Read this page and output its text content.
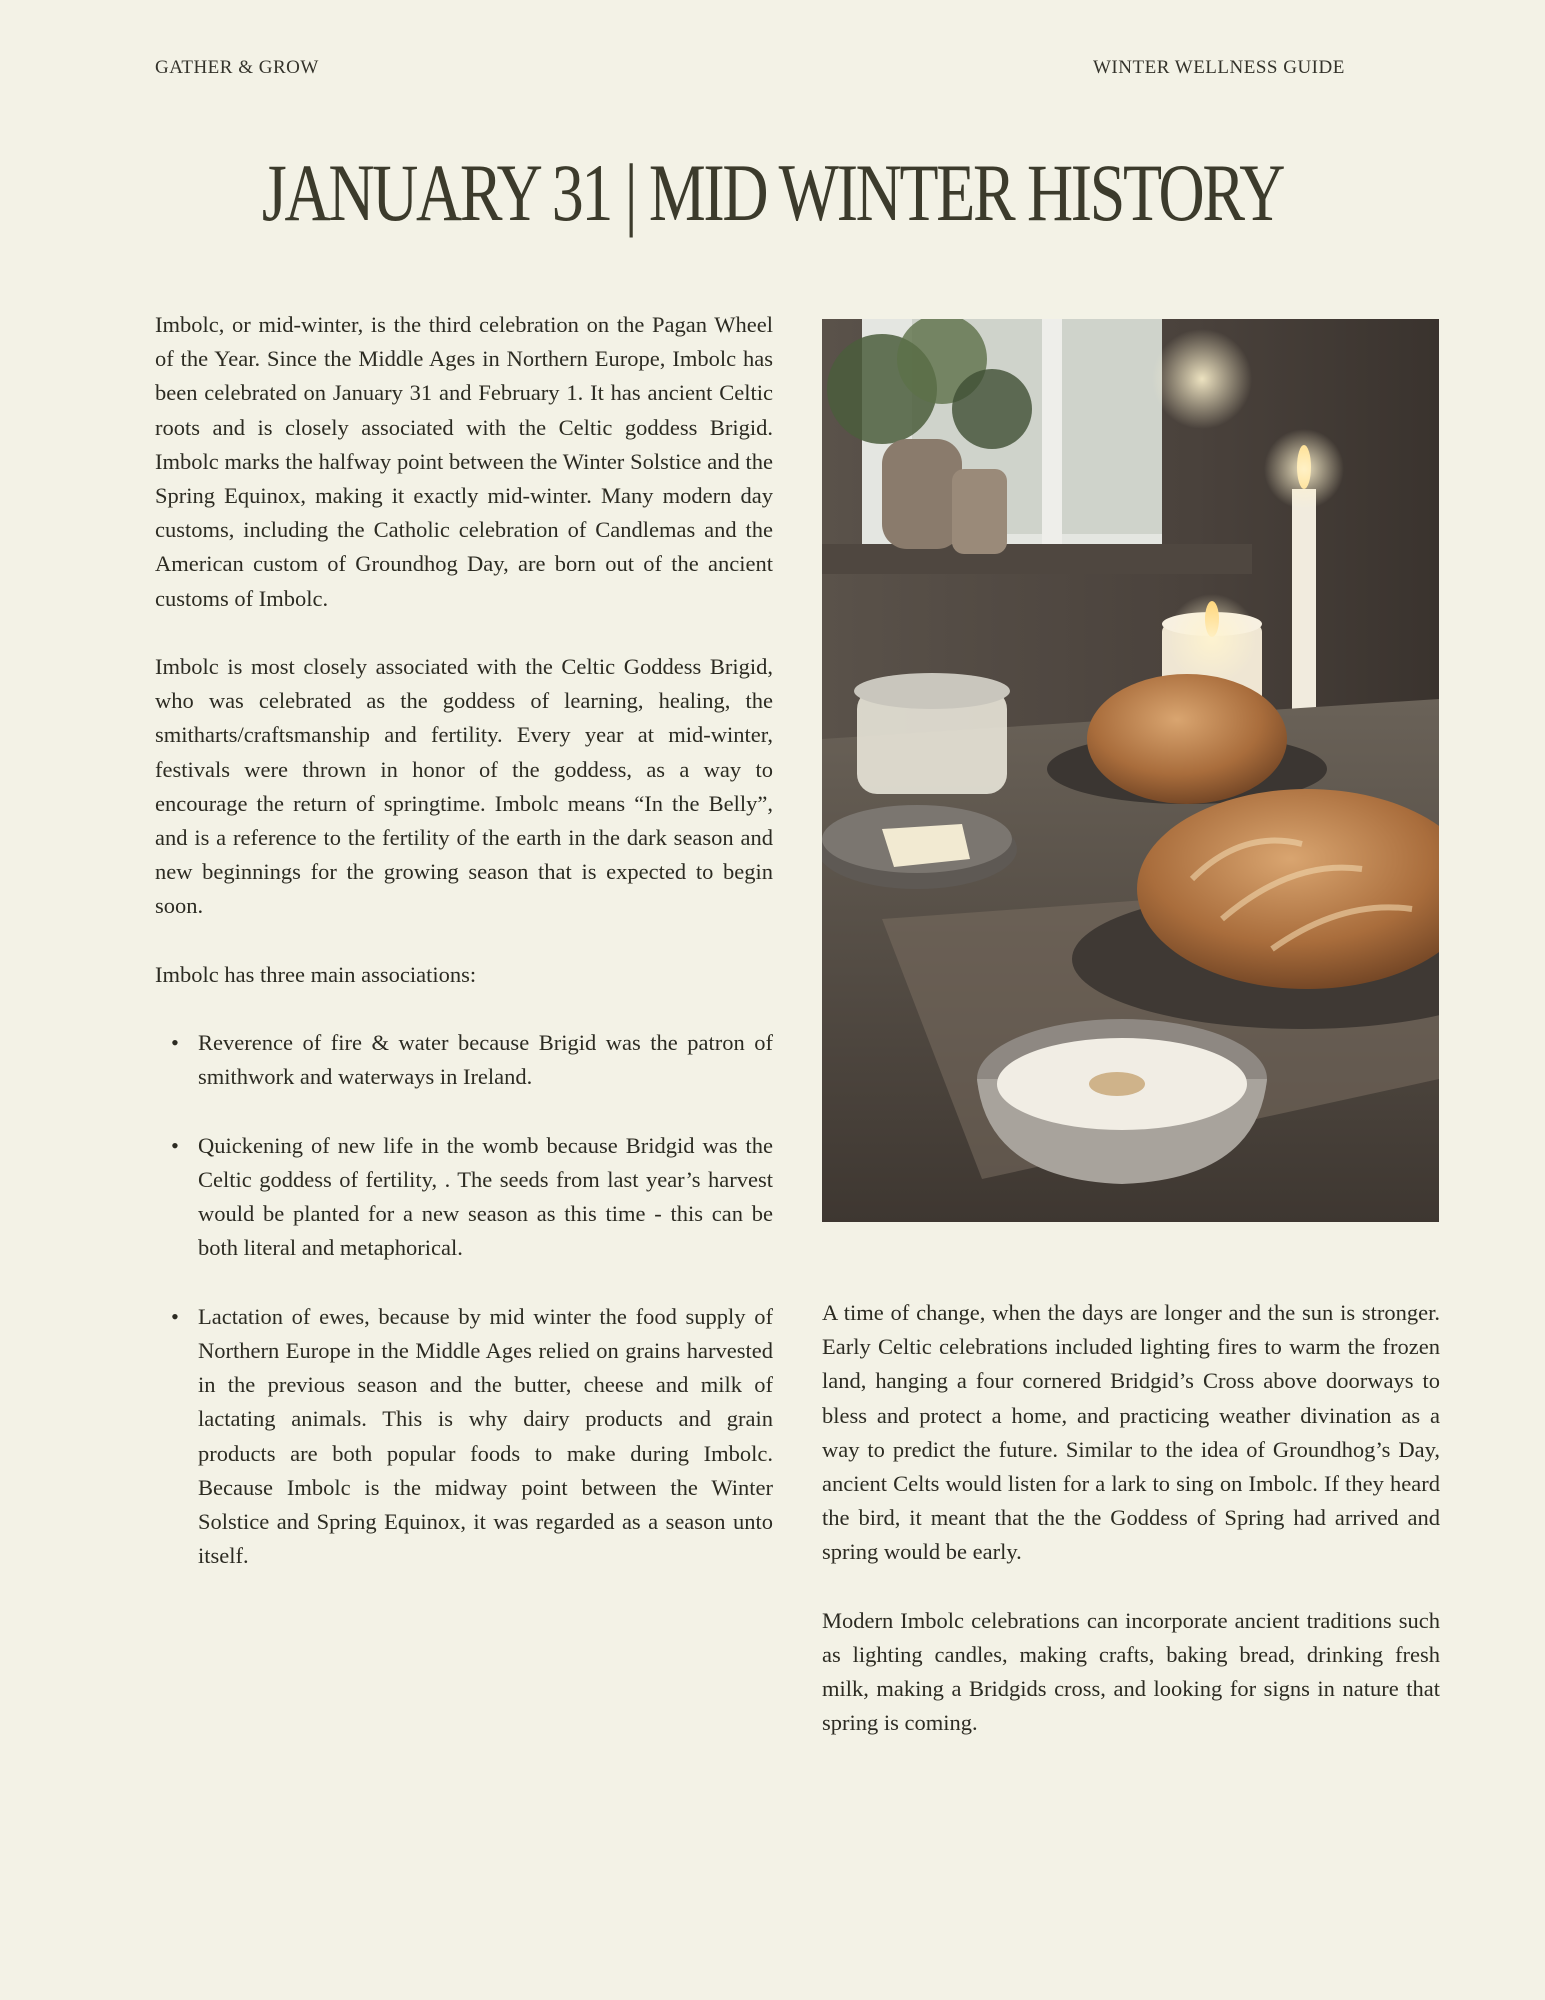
GATHER & GROW	WINTER WELLNESS GUIDE
JANUARY 31 | MID WINTER HISTORY

Imbolc, or mid-winter, is the third celebration on the Pagan Wheel of the Year. Since the Middle Ages in Northern Europe, Imbolc has been celebrated on January 31 and February 1. It has ancient Celtic roots and is closely associated with the Celtic goddess Brigid. Imbolc marks the halfway point between the Winter Solstice and the Spring Equinox, making it exactly mid-winter. Many modern day customs, including the Catholic celebration of Candlemas and the American custom of Groundhog Day, are born out of the ancient customs of Imbolc.

Imbolc is most closely associated with the Celtic Goddess Brigid, who was celebrated as the goddess of learning, healing, the smitharts/craftsmanship and fertility. Every year at mid-winter, festivals were thrown in honor of the goddess, as a way to encourage the return of springtime. Imbolc means “In the Belly”, and is a reference to the fertility of the earth in the dark season and new beginnings for the growing season that is expected to begin soon.

Imbolc has three main associations:

• Reverence of fire & water because Brigid was the patron of smithwork and waterways in Ireland.
• Quickening of new life in the womb because Bridgid was the Celtic goddess of fertility, . The seeds from last year’s harvest would be planted for a new season as this time - this can be both literal and metaphorical.
• Lactation of ewes, because by mid winter the food supply of Northern Europe in the Middle Ages relied on grains harvested in the previous season and the butter, cheese and milk of lactating animals. This is why dairy products and grain products are both popular foods to make during Imbolc. Because Imbolc is the midway point between the Winter Solstice and Spring Equinox, it was regarded as a season unto itself.

A time of change, when the days are longer and the sun is stronger. Early Celtic celebrations included lighting fires to warm the frozen land, hanging a four cornered Bridgid’s Cross above doorways to bless and protect a home, and practicing weather divination as a way to predict the future. Similar to the idea of Groundhog’s Day, ancient Celts would listen for a lark to sing on Imbolc. If they heard the bird, it meant that the the Goddess of Spring had arrived and spring would be early.

Modern Imbolc celebrations can incorporate ancient traditions such as lighting candles, making crafts, baking bread, drinking fresh milk, making a Bridgids cross, and looking for signs in nature that spring is coming.
